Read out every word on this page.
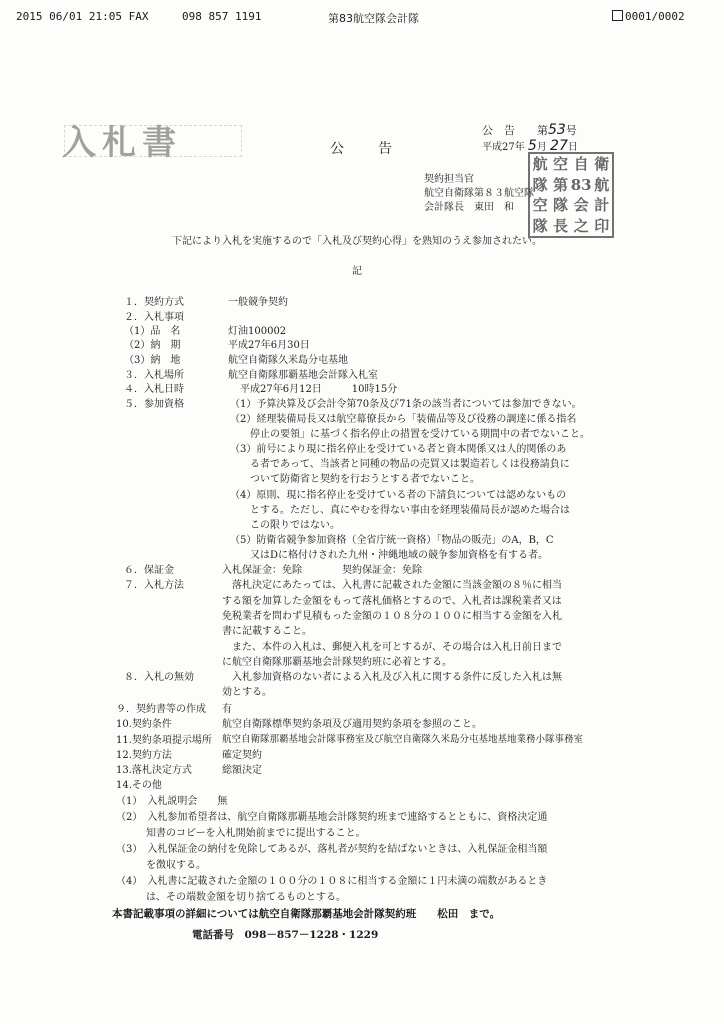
2015 06/01 21:05 FAX	098 857 1191	第83航空隊会計隊	0001/0002
入札書	公　　告
公　告　　第53号
平成27年 5月 27日
契約担当官
航空自衛隊第８３航空隊
会計隊長　東田　和
航 空 自 衛
隊 第 83 航
空 隊 会 計
隊 長 之 印
下記により入札を実施するので「入札及び契約心得」を熟知のうえ参加されたい。
記
１．契約方式	一般競争契約
２．入札事項
（1）品　名	灯油100002
（2）納　期	平成27年6月30日
（3）納　地	航空自衛隊久米島分屯基地
３．入札場所	航空自衛隊那覇基地会計隊入札室
４．入札日時	平成27年6月12日　　　10時15分
５．参加資格	（1）予算決算及び会計令第70条及び71条の該当者については参加できない。
（2）経理装備局長又は航空幕僚長から「装備品等及び役務の調達に係る指名
　　停止の要領」に基づく指名停止の措置を受けている期間中の者でないこと。
（3）前号により現に指名停止を受けている者と資本関係又は人的関係のあ
　　る者であって、当該者と同種の物品の売買又は製造若しくは役務請負に
　　ついて防衛省と契約を行おうとする者でないこと。
（4）原則、現に指名停止を受けている者の下請負については認めないもの
　　とする。ただし、真にやむを得ない事由を経理装備局長が認めた場合は
　　この限りではない。
（5）防衛省競争参加資格（全省庁統一資格）「物品の販売」のA，B，C
　　又はDに格付けされた九州・沖縄地域の競争参加資格を有する者。
６．保証金	入札保証金：免除　　　　契約保証金：免除
７．入札方法	　落札決定にあたっては、入札書に記載された金額に当該金額の８％に相当
する額を加算した金額をもって落札価格とするので、入札者は課税業者又は
免税業者を問わず見積もった金額の１０８分の１００に相当する金額を入札
書に記載すること。
　また、本件の入札は、郵便入札を可とするが、その場合は入札日前日まで
に航空自衛隊那覇基地会計隊契約班に必着とする。
８．入札の無効	　入札参加資格のない者による入札及び入札に関する条件に反した入札は無
効とする。
９．契約書等の作成 有
10.契約条件	航空自衛隊標準契約条項及び適用契約条項を参照のこと。
11.契約条項提示場所 航空自衛隊那覇基地会計隊事務室及び航空自衛隊久米島分屯基地基地業務小隊事務室
12.契約方法	確定契約
13.落札決定方式	総額決定
14.その他
（1）　入札説明会　　無
（2）　入札参加希望者は、航空自衛隊那覇基地会計隊契約班まで連絡するとともに、資格決定通
　　　知書のコピーを入札開始前までに提出すること。
（3）　入札保証金の納付を免除してあるが、落札者が契約を結ばないときは、入札保証金相当額
　　　を徴収する。
（4）　入札書に記載された金額の１００分の１０８に相当する金額に１円未満の端数があるとき
　　　は、その端数金額を切り捨てるものとする。
本書記載事項の詳細については航空自衛隊那覇基地会計隊契約班　　松田　まで。
電話番号　098－857－1228・1229
